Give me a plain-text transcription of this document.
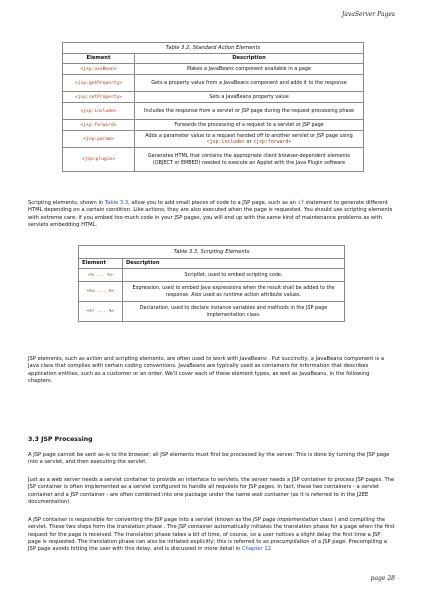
JavaServer Pages
Table 3.2, Standard Action Elements	
Element	Description
<jsp:useBean>	Makes a JavaBeans component available in a page
<jsp:getProperty>	Gets a property value from a JavaBeans component and adds it to the response
<jsp:setProperty>	Sets a JavaBeans property value
<jsp:include>	Includes the response from a servlet or JSP page during the request processing phase
<jsp:forward>	Forwards the processing of a request to a servlet or JSP page
<jsp:param>	Adds a parameter value to a request handed off to another servlet or JSP page using <jsp:include> or <jsp:forward>
<jsp:plugin>	Generates HTML that contains the appropriate client browser-dependent elements (OBJECT or EMBED) needed to execute an Applet with the Java Plugin software
Scripting elements, shown in Table 3.3, allow you to add small pieces of code to a JSP page, such as an if statement to generate different HTML depending on a certain condition. Like actions, they are also executed when the page is requested. You should use scripting elements with extreme care: if you embed too much code in your JSP pages, you will end up with the same kind of maintenance problems as with servlets embedding HTML.
Table 3.3, Scripting Elements	
Element	Description
<% ... %>	Scriptlet, used to embed scripting code.
<%= ... %>	Expression, used to embed Java expressions when the result shall be added to the response. Also used as runtime action attribute values.
<%! ... %>	Declaration, used to declare instance variables and methods in the JSP page implementation class.
JSP elements, such as action and scripting elements, are often used to work with JavaBeans . Put succinctly, a JavaBeans component is a Java class that complies with certain coding conventions. JavaBeans are typically used as containers for information that describes application entities, such as a customer or an order. We'll cover each of these element types, as well as JavaBeans, in the following chapters.
3.3 JSP Processing
A JSP page cannot be sent as-is to the browser; all JSP elements must first be processed by the server. This is done by turning the JSP page into a servlet, and then executing the servlet.
Just as a web server needs a servlet container to provide an interface to servlets, the server needs a JSP container to process JSP pages. The JSP container is often implemented as a servlet configured to handle all requests for JSP pages. In fact, these two containers - a servlet container and a JSP container - are often combined into one package under the name web container (as it is referred to in the J2EE documentation).
A JSP container is responsible for converting the JSP page into a servlet (known as the JSP page implementation class ) and compiling the servlet. These two steps form the translation phase . The JSP container automatically initiates the translation phase for a page when the first request for the page is received. The translation phase takes a bit of time, of course, so a user notices a slight delay the first time a JSP page is requested. The translation phase can also be initiated explicitly; this is referred to as precompilation of a JSP page. Precompiling a JSP page avoids hitting the user with this delay, and is discussed in more detail in Chapter 12.
page 28
